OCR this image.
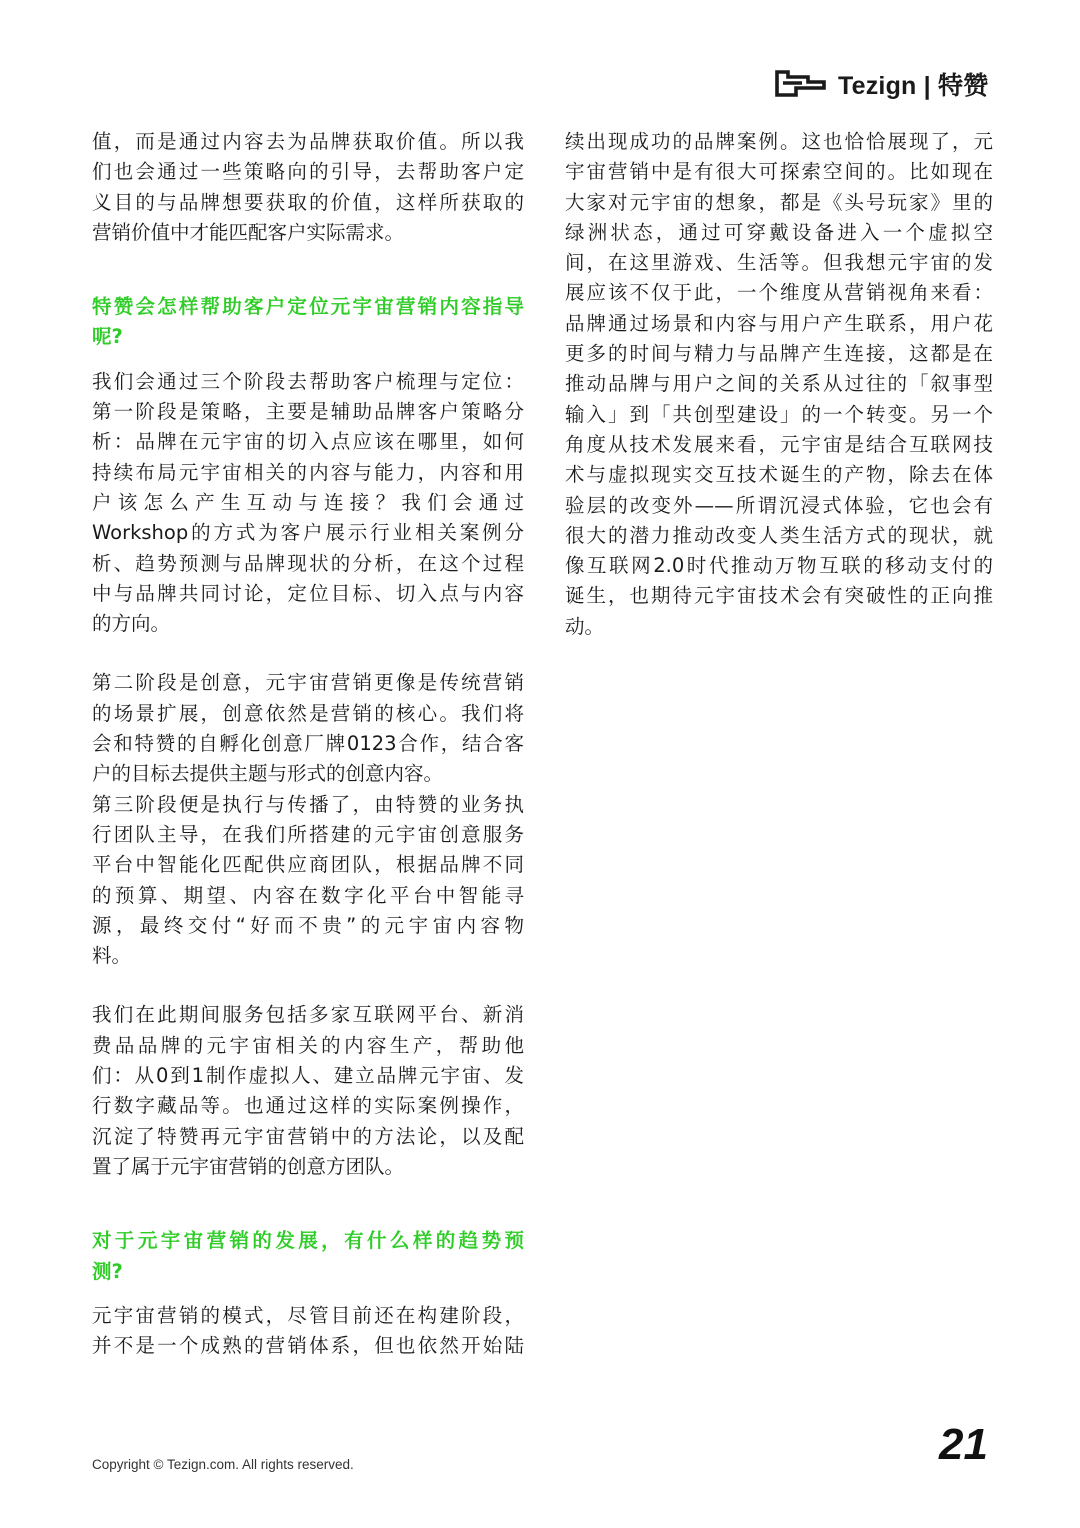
Tezign | 特赞
值，而是通过内容去为品牌获取价值。所以我
们也会通过一些策略向的引导，去帮助客户定
义目的与品牌想要获取的价值，这样所获取的
营销价值中才能匹配客户实际需求。
特赞会怎样帮助客户定位元宇宙营销内容指导
呢?
我们会通过三个阶段去帮助客户梳理与定位：
第一阶段是策略，主要是辅助品牌客户策略分
析：品牌在元宇宙的切入点应该在哪里，如何
持续布局元宇宙相关的内容与能力，内容和用
户该怎么产生互动与连接？我们会通过
Workshop的方式为客户展示行业相关案例分
析、趋势预测与品牌现状的分析，在这个过程
中与品牌共同讨论，定位目标、切入点与内容
的方向。
第二阶段是创意，元宇宙营销更像是传统营销
的场景扩展，创意依然是营销的核心。我们将
会和特赞的自孵化创意厂牌0123合作，结合客
户的目标去提供主题与形式的创意内容。
第三阶段便是执行与传播了，由特赞的业务执
行团队主导，在我们所搭建的元宇宙创意服务
平台中智能化匹配供应商团队，根据品牌不同
的预算、期望、内容在数字化平台中智能寻
源，最终交付“好而不贵”的元宇宙内容物
料。
我们在此期间服务包括多家互联网平台、新消
费品品牌的元宇宙相关的内容生产，帮助他
们：从0到1制作虚拟人、建立品牌元宇宙、发
行数字藏品等。也通过这样的实际案例操作，
沉淀了特赞再元宇宙营销中的方法论，以及配
置了属于元宇宙营销的创意方团队。
对于元宇宙营销的发展，有什么样的趋势预
测?
元宇宙营销的模式，尽管目前还在构建阶段，
并不是一个成熟的营销体系，但也依然开始陆
续出现成功的品牌案例。这也恰恰展现了，元
宇宙营销中是有很大可探索空间的。比如现在
大家对元宇宙的想象，都是《头号玩家》里的
绿洲状态，通过可穿戴设备进入一个虚拟空
间，在这里游戏、生活等。但我想元宇宙的发
展应该不仅于此，一个维度从营销视角来看：
品牌通过场景和内容与用户产生联系，用户花
更多的时间与精力与品牌产生连接，这都是在
推动品牌与用户之间的关系从过往的「叙事型
输入」到「共创型建设」的一个转变。另一个
角度从技术发展来看，元宇宙是结合互联网技
术与虚拟现实交互技术诞生的产物，除去在体
验层的改变外——所谓沉浸式体验，它也会有
很大的潜力推动改变人类生活方式的现状，就
像互联网2.0时代推动万物互联的移动支付的
诞生，也期待元宇宙技术会有突破性的正向推
动。
Copyright © Tezign.com. All rights reserved.	21
